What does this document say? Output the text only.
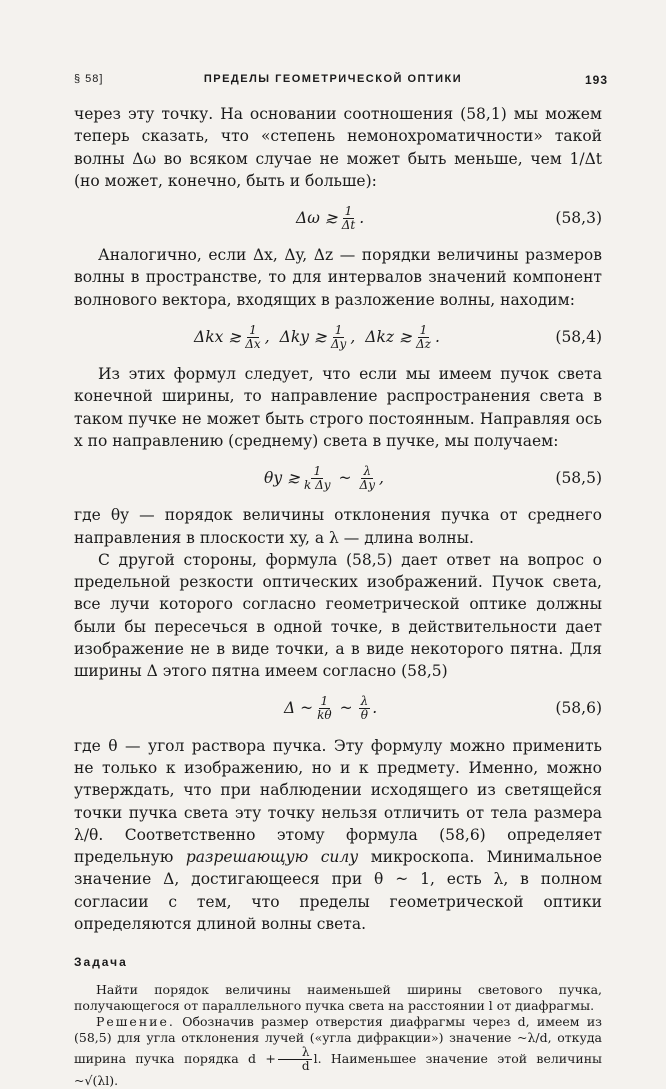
§ 58]	ПРЕДЕЛЫ ГЕОМЕТРИЧЕСКОЙ ОПТИКИ	193

через эту точку. На основании соотношения (58,1) мы можем теперь сказать, что «степень немонохроматичности» такой волны Δω во всяком случае не может быть меньше, чем 1/Δt (но может, конечно, быть и больше):

Δω ≳ $\frac{1}{\Delta t}$ .	(58,3)

Аналогично, если Δx, Δy, Δz — порядки величины размеров волны в пространстве, то для интервалов значений компонент волнового вектора, входящих в разложение волны, находим:

Δkx ≳ $\frac{1}{\Delta x}$ , Δky ≳ $\frac{1}{\Delta y}$ , Δkz ≳ $\frac{1}{\Delta z}$ .	(58,4)

Из этих формул следует, что если мы имеем пучок света конечной ширины, то направление распространения света в таком пучке не может быть строго постоянным. Направляя ось x по направлению (среднему) света в пучке, мы получаем:

θy ≳ $\frac{1}{\text{k Δy}}$ ~ $\frac{\lambda}{\Delta y}$ ,	(58,5)

где θy — порядок величины отклонения пучка от среднего направления в плоскости xy, а λ — длина волны.

С другой стороны, формула (58,5) дает ответ на вопрос о предельной резкости оптических изображений. Пучок света, все лучи которого согласно геометрической оптике должны были бы пересечься в одной точке, в действительности дает изображение не в виде точки, а в виде некоторого пятна. Для ширины Δ этого пятна имеем согласно (58,5)

Δ ~ $\frac{1}{k\theta}$ ~ $\frac{\lambda}{\theta}$ .	(58,6)

где θ — угол раствора пучка. Эту формулу можно применить не только к изображению, но и к предмету. Именно, можно утверждать, что при наблюдении исходящего из светящейся точки пучка света эту точку нельзя отличить от тела размера λ/θ. Соответственно этому формула (58,6) определяет предельную разрешающую силу микроскопа. Минимальное значение Δ, достигающееся при θ ~ 1, есть λ, в полном согласии с тем, что пределы геометрической оптики определяются длиной волны света.

Задача

Найти порядок величины наименьшей ширины светового пучка, получающегося от параллельного пучка света на расстоянии l от диафрагмы.

Решение. Обозначив размер отверстия диафрагмы через d, имеем из (58,5) для угла отклонения лучей («угла дифракции») значение ~λ/d, откуда ширина пучка порядка $d + \frac{\lambda}{d} l$. Наименьшее значение этой величины ~√(λl).
